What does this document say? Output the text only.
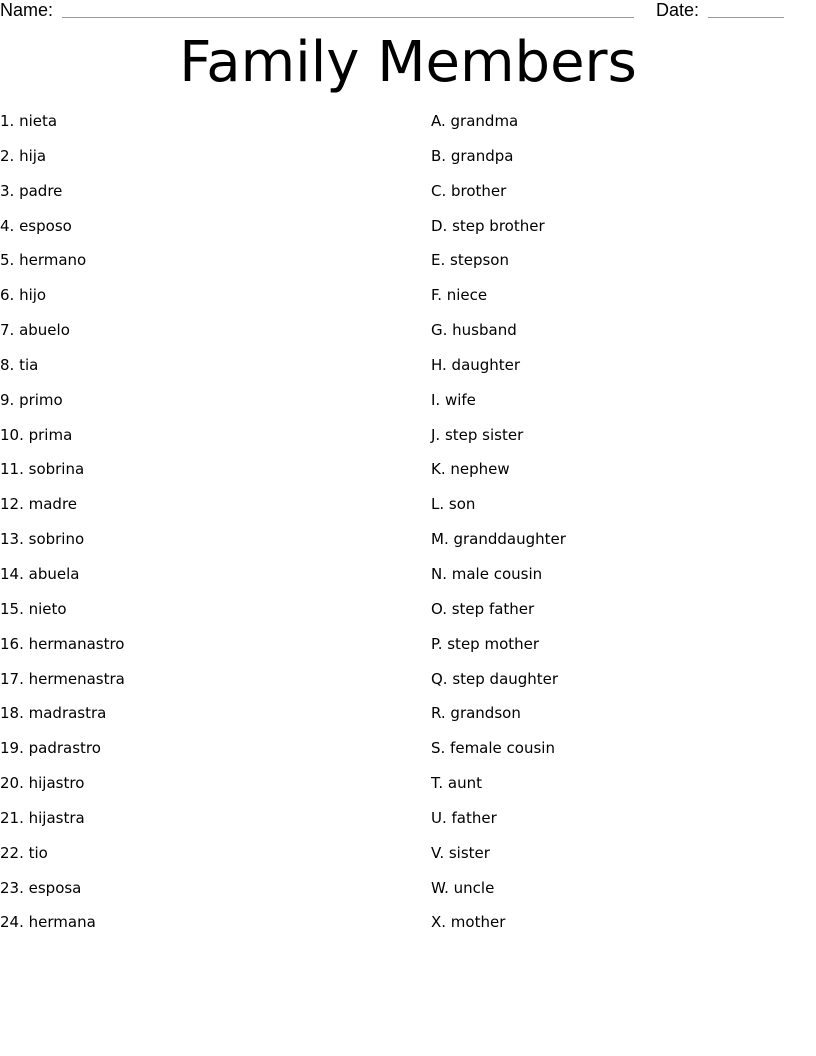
Name:	Date:
Family Members
1. nieta
2. hija
3. padre
4. esposo
5. hermano
6. hijo
7. abuelo
8. tia
9. primo
10. prima
11. sobrina
12. madre
13. sobrino
14. abuela
15. nieto
16. hermanastro
17. hermenastra
18. madrastra
19. padrastro
20. hijastro
21. hijastra
22. tio
23. esposa
24. hermana
A. grandma
B. grandpa
C. brother
D. step brother
E. stepson
F. niece
G. husband
H. daughter
I. wife
J. step sister
K. nephew
L. son
M. granddaughter
N. male cousin
O. step father
P. step mother
Q. step daughter
R. grandson
S. female cousin
T. aunt
U. father
V. sister
W. uncle
X. mother
